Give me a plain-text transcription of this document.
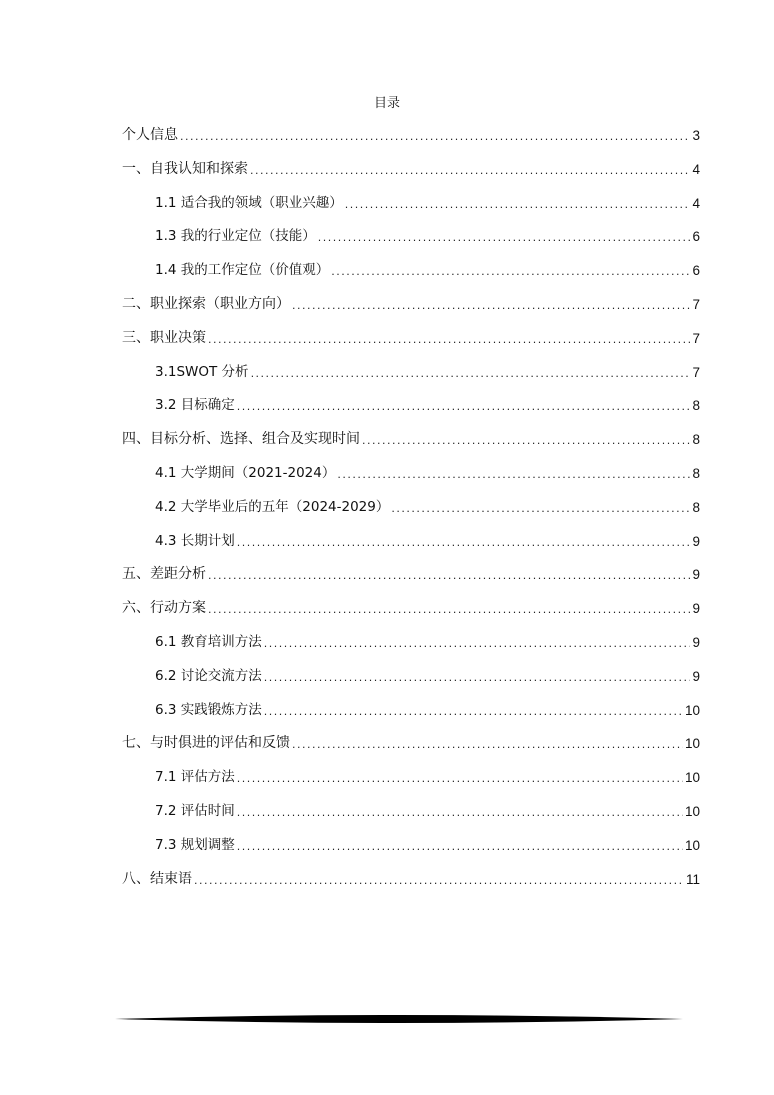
目录
个人信息 .....	3
一、自我认知和探索 .....	4
1.1 适合我的领域（职业兴趣） .....	4
1.3 我的行业定位（技能） .....	6
1.4 我的工作定位（价值观） .....	6
二、职业探索（职业方向） .....	7
三、职业决策 .....	7
3.1SWOT 分析 .....	7
3.2 目标确定 .....	8
四、目标分析、选择、组合及实现时间 .....	8
4.1 大学期间（2021-2024） .....	8
4.2 大学毕业后的五年（2024-2029） .....	8
4.3 长期计划 .....	9
五、差距分析 .....	9
六、行动方案 .....	9
6.1 教育培训方法 .....	9
6.2 讨论交流方法 .....	9
6.3 实践锻炼方法 .....	10
七、与时俱进的评估和反馈 .....	10
7.1 评估方法 .....	10
7.2 评估时间 .....	10
7.3 规划调整 .....	10
八、结束语 .....	11
